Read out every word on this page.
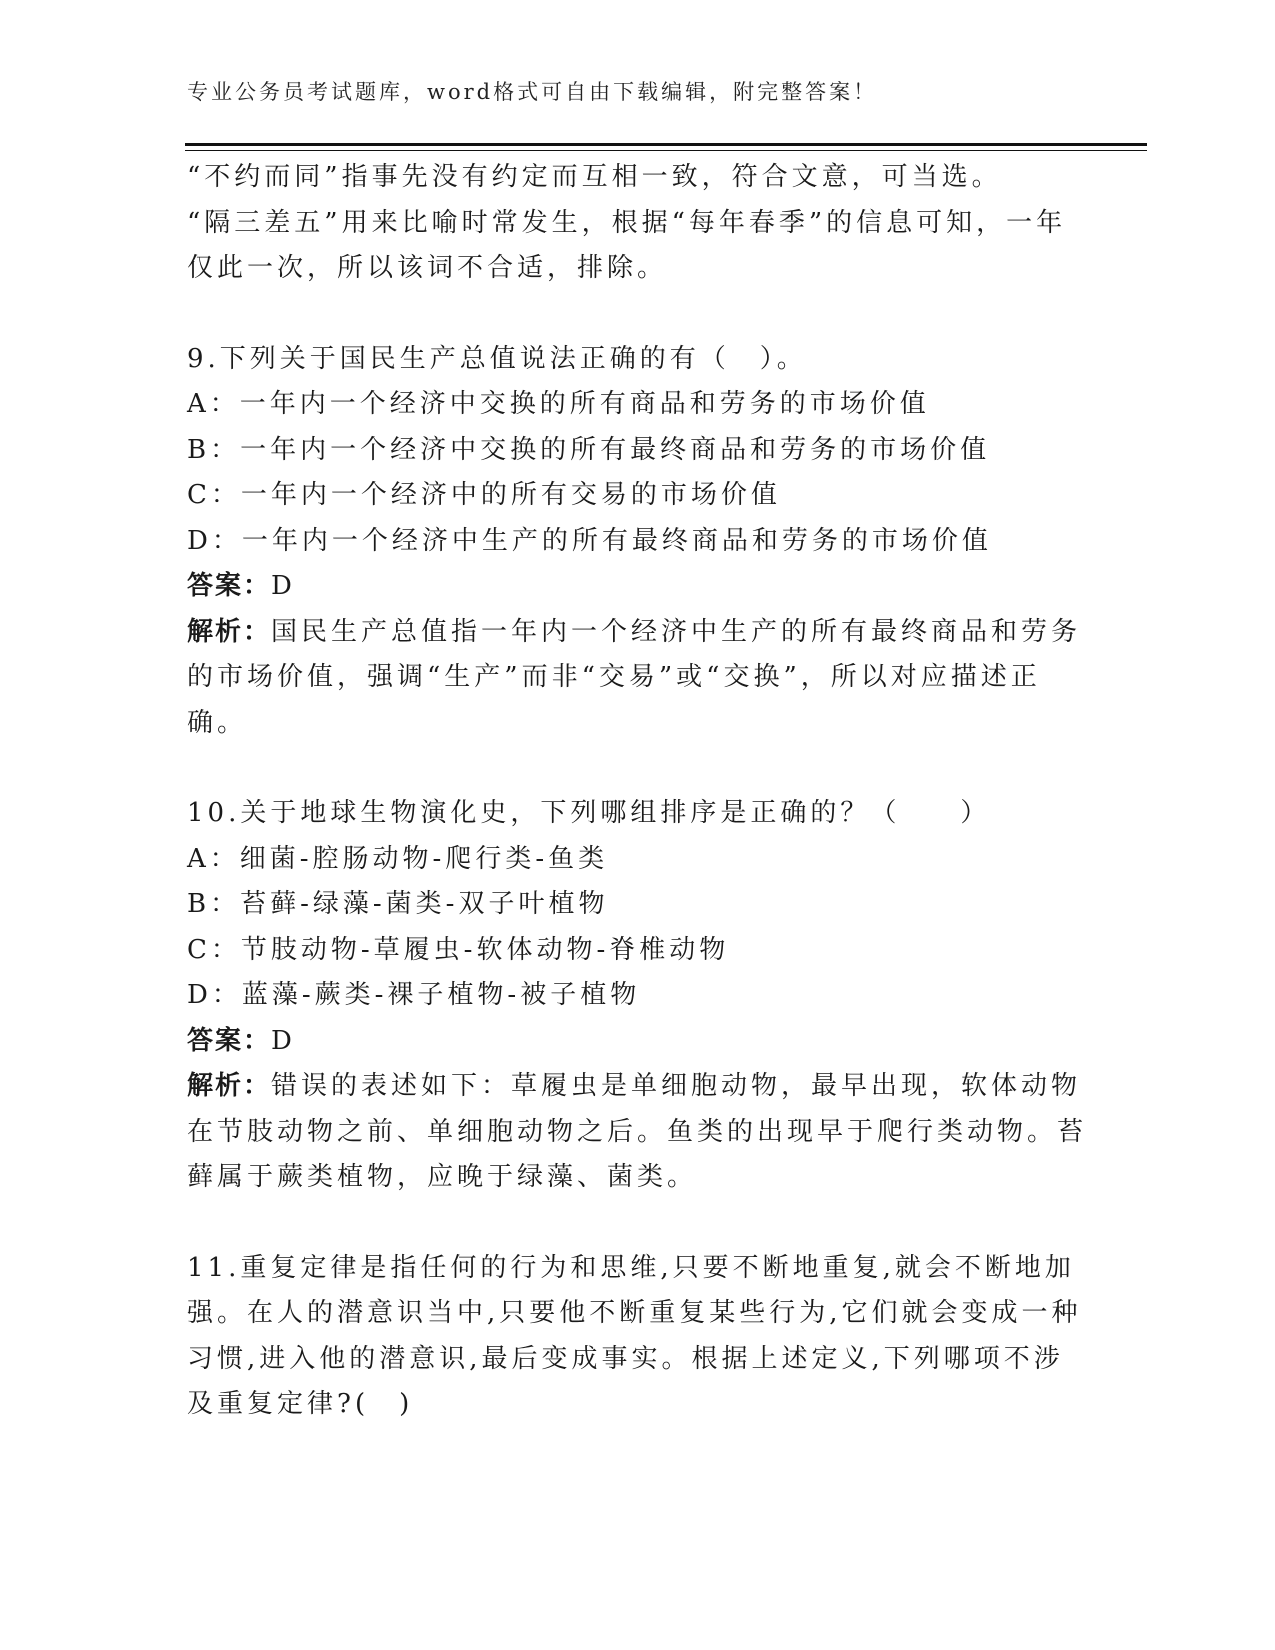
专业公务员考试题库，word格式可自由下载编辑，附完整答案！

“不约而同”指事先没有约定而互相一致，符合文意，可当选。

“隔三差五”用来比喻时常发生，根据“每年春季”的信息可知，一年仅此一次，所以该词不合适，排除。

9.下列关于国民生产总值说法正确的有（　）。

A：一年内一个经济中交换的所有商品和劳务的市场价值

B：一年内一个经济中交换的所有最终商品和劳务的市场价值

C：一年内一个经济中的所有交易的市场价值

D：一年内一个经济中生产的所有最终商品和劳务的市场价值

答案：D

解析：国民生产总值指一年内一个经济中生产的所有最终商品和劳务的市场价值，强调“生产”而非“交易”或“交换”，所以对应描述正确。

10.关于地球生物演化史，下列哪组排序是正确的？（　　）

A：细菌-腔肠动物-爬行类-鱼类

B：苔藓-绿藻-菌类-双子叶植物

C：节肢动物-草履虫-软体动物-脊椎动物

D：蓝藻-蕨类-裸子植物-被子植物

答案：D

解析：错误的表述如下：草履虫是单细胞动物，最早出现，软体动物在节肢动物之前、单细胞动物之后。鱼类的出现早于爬行类动物。苔藓属于蕨类植物，应晚于绿藻、菌类。

11.重复定律是指任何的行为和思维,只要不断地重复,就会不断地加强。在人的潜意识当中,只要他不断重复某些行为,它们就会变成一种习惯,进入他的潜意识,最后变成事实。根据上述定义,下列哪项不涉及重复定律?(　)
